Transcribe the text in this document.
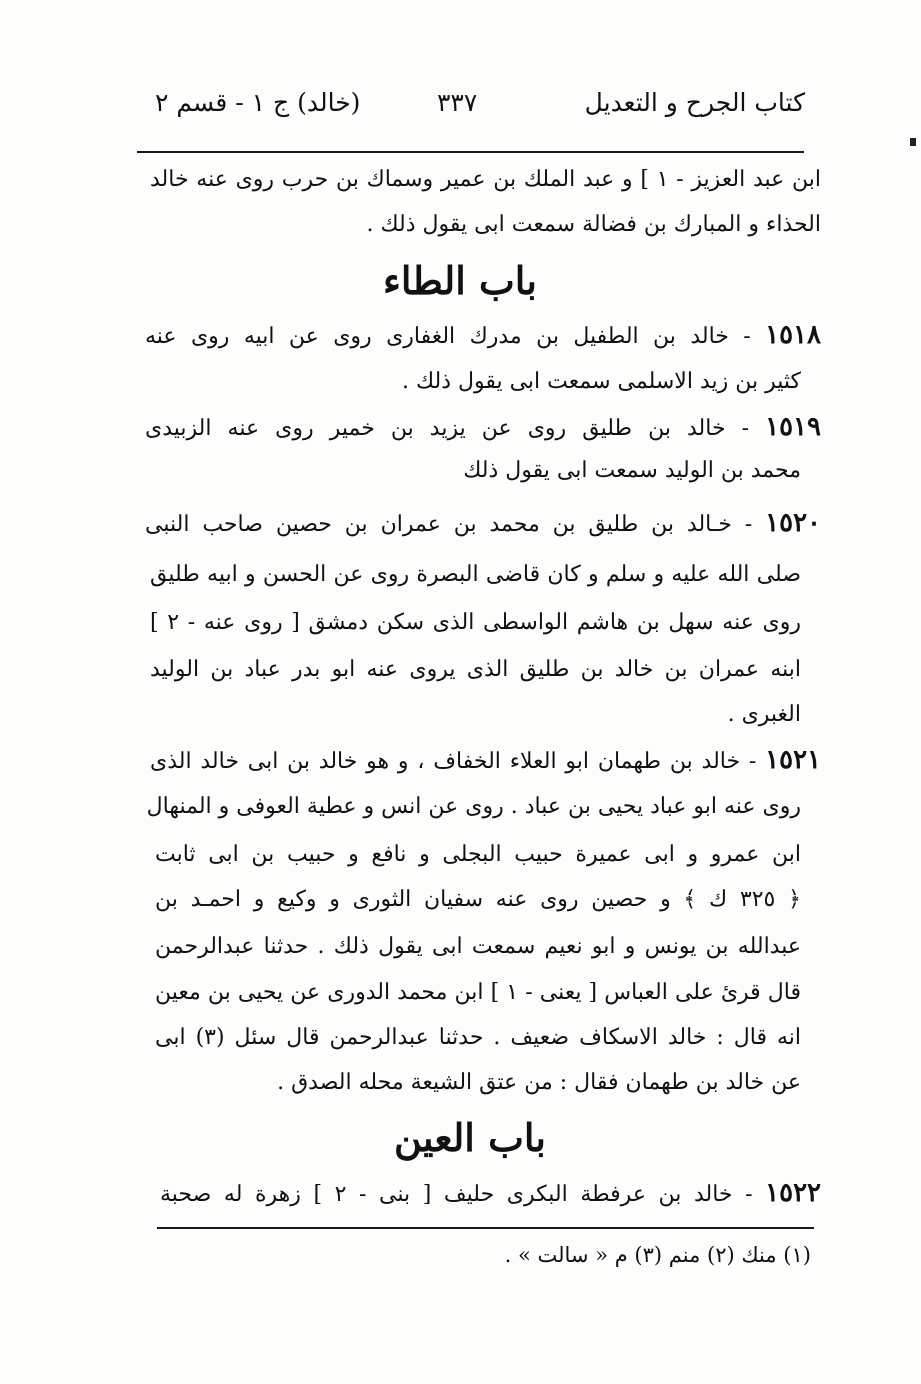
كتاب الجرح و التعديل
٣٣٧
(خالد) ج ١ - قسم ٢
ابن عبد العزيز - ١ ] و عبد الملك بن عمير وسماك بن حرب روى عنه خالد
الحذاء و المبارك بن فضالة سمعت ابى يقول ذلك .
باب الطاء
١٥١٨ - خالد بن الطفيل بن مدرك الغفارى روى عن ابيه روى عنه
كثير بن زيد الاسلمى سمعت ابى يقول ذلك .
١٥١٩ - خالد بن طليق روى عن يزيد بن خمير روى عنه الزبيدى
محمد بن الوليد سمعت ابى يقول ذلك
١٥٢٠ - خـالد بن طليق بن محمد بن عمران بن حصين صاحب النبى
صلى الله عليه و سلم و كان قاضى البصرة روى عن الحسن و ابيه طليق
روى عنه سهل بن هاشم الواسطى الذى سكن دمشق [ روى عنه - ٢ ]
ابنه عمران بن خالد بن طليق الذى يروى عنه ابو بدر عباد بن الوليد
الغبرى .
١٥٢١ - خالد بن طهمان ابو العلاء الخفاف ، و هو خالد بن ابى خالد الذى
روى عنه ابو عباد يحيى بن عباد . روى عن انس و عطية العوفى و المنهال
ابن عمرو و ابى عميرة حبيب البجلى و نافع و حبيب بن ابى ثابت
﴿ ٣٢٥ ك ﴾ و حصين روى عنه سفيان الثورى و وكيع و احمـد بن
عبدالله بن يونس و ابو نعيم سمعت ابى يقول ذلك . حدثنا عبدالرحمن
قال قرئ على العباس [ يعنى - ١ ] ابن محمد الدورى عن يحيى بن معين
انه قال : خالد الاسكاف ضعيف . حدثنا عبدالرحمن قال سئل (٣) ابى
عن خالد بن طهمان فقال : من عتق الشيعة محله الصدق .
باب العين
١٥٢٢ - خالد بن عرفطة البكرى حليف [ بنى - ٢ ] زهرة له صحبة
(١) منك (٢) منم (٣) م « سالت » .
